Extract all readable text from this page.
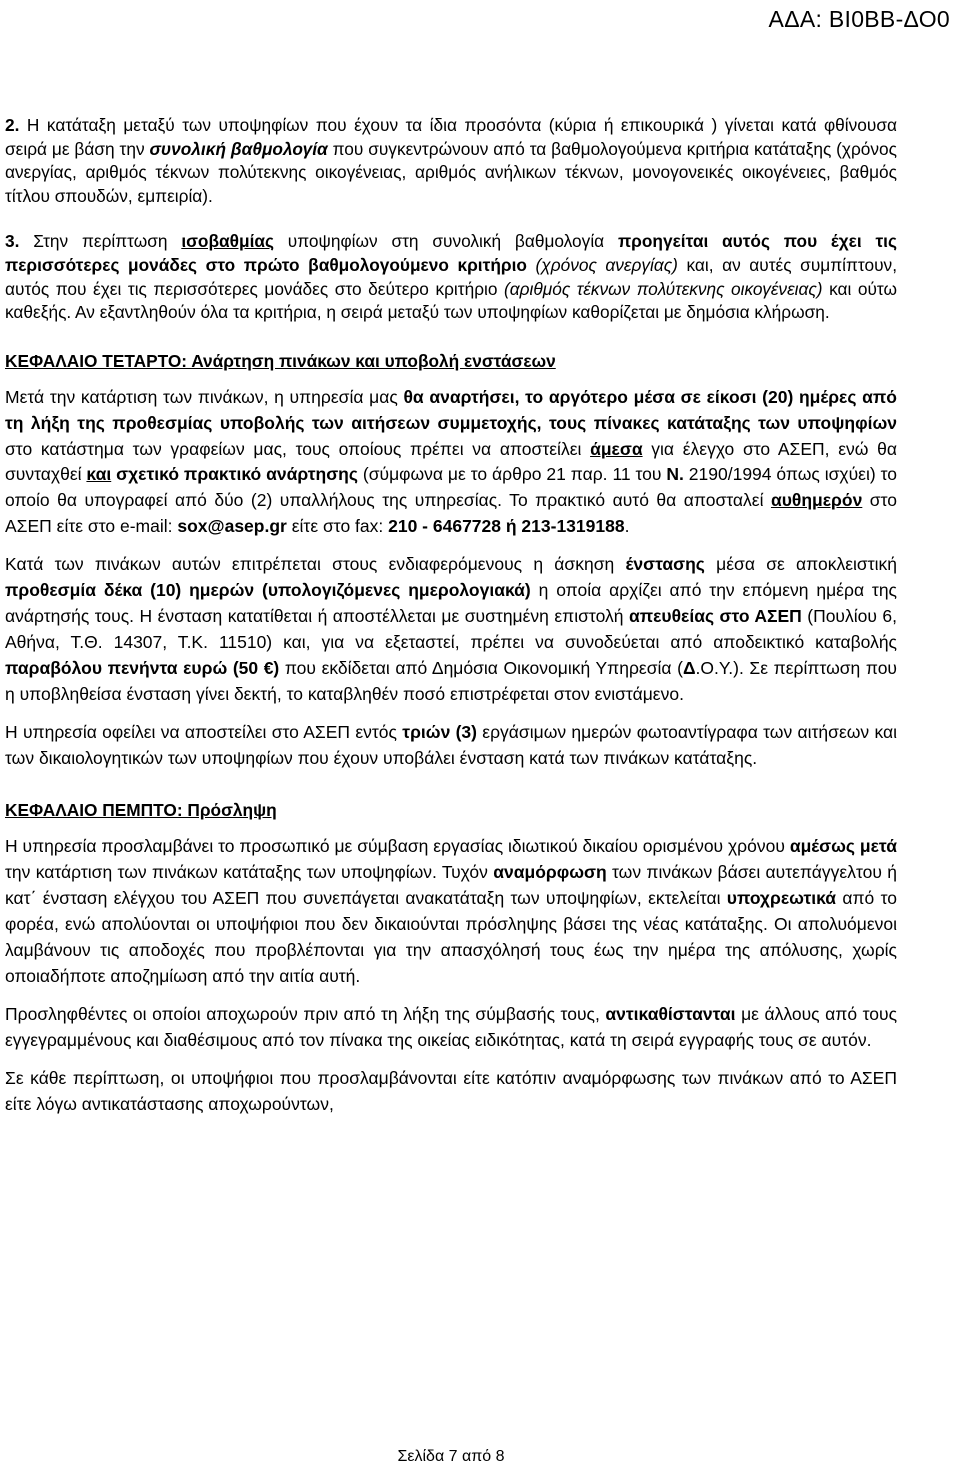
ΑΔΑ: ΒΙ0ΒΒ-ΔΟ0

2. Η κατάταξη μεταξύ των υποψηφίων που έχουν τα ίδια προσόντα (κύρια ή επικουρικά ) γίνεται κατά φθίνουσα σειρά με βάση την συνολική βαθμολογία που συγκεντρώνουν από τα βαθμολογούμενα κριτήρια κατάταξης (χρόνος ανεργίας, αριθμός τέκνων πολύτεκνης οικογένειας, αριθμός ανήλικων τέκνων, μονογονεικές οικογένειες, βαθμός τίτλου σπουδών, εμπειρία).

3. Στην περίπτωση ισοβαθμίας υποψηφίων στη συνολική βαθμολογία προηγείται αυτός που έχει τις περισσότερες μονάδες στο πρώτο βαθμολογούμενο κριτήριο (χρόνος ανεργίας) και, αν αυτές συμπίπτουν, αυτός που έχει τις περισσότερες μονάδες στο δεύτερο κριτήριο (αριθμός τέκνων πολύτεκνης οικογένειας) και ούτω καθεξής. Αν εξαντληθούν όλα τα κριτήρια, η σειρά μεταξύ των υποψηφίων καθορίζεται με δημόσια κλήρωση.

ΚΕΦΑΛΑΙΟ ΤΕΤΑΡΤΟ: Ανάρτηση πινάκων και υποβολή ενστάσεων

Μετά την κατάρτιση των πινάκων, η υπηρεσία μας θα αναρτήσει, το αργότερο μέσα σε είκοσι (20) ημέρες από τη λήξη της προθεσμίας υποβολής των αιτήσεων συμμετοχής, τους πίνακες κατάταξης των υποψηφίων στο κατάστημα των γραφείων μας, τους οποίους πρέπει να αποστείλει άμεσα για έλεγχο στο ΑΣΕΠ, ενώ θα συνταχθεί και σχετικό πρακτικό ανάρτησης (σύμφωνα με το άρθρο 21 παρ. 11 του Ν. 2190/1994 όπως ισχύει) το οποίο θα υπογραφεί από δύο (2) υπαλλήλους της υπηρεσίας. Το πρακτικό αυτό θα αποσταλεί αυθημερόν στο ΑΣΕΠ είτε στο e-mail: sox@asep.gr είτε στο fax: 210 - 6467728 ή 213-1319188.

Κατά των πινάκων αυτών επιτρέπεται στους ενδιαφερόμενους η άσκηση ένστασης μέσα σε αποκλειστική προθεσμία δέκα (10) ημερών (υπολογιζόμενες ημερολογιακά) η οποία αρχίζει από την επόμενη ημέρα της ανάρτησής τους. Η ένσταση κατατίθεται ή αποστέλλεται με συστημένη επιστολή απευθείας στο ΑΣΕΠ (Πουλίου 6, Αθήνα, Τ.Θ. 14307, Τ.Κ. 11510) και, για να εξεταστεί, πρέπει να συνοδεύεται από αποδεικτικό καταβολής παραβόλου πενήντα ευρώ (50 €) που εκδίδεται από Δημόσια Οικονομική Υπηρεσία (Δ.Ο.Υ.). Σε περίπτωση που η υποβληθείσα ένσταση γίνει δεκτή, το καταβληθέν ποσό επιστρέφεται στον ενιστάμενο.

Η υπηρεσία οφείλει να αποστείλει στο ΑΣΕΠ εντός τριών (3) εργάσιμων ημερών φωτοαντίγραφα των αιτήσεων και των δικαιολογητικών των υποψηφίων που έχουν υποβάλει ένσταση κατά των πινάκων κατάταξης.

ΚΕΦΑΛΑΙΟ ΠΕΜΠΤΟ: Πρόσληψη

Η υπηρεσία προσλαμβάνει το προσωπικό με σύμβαση εργασίας ιδιωτικού δικαίου ορισμένου χρόνου αμέσως μετά την κατάρτιση των πινάκων κατάταξης των υποψηφίων. Τυχόν αναμόρφωση των πινάκων βάσει αυτεπάγγελτου ή κατ΄ ένσταση ελέγχου του ΑΣΕΠ που συνεπάγεται ανακατάταξη των υποψηφίων, εκτελείται υποχρεωτικά από το φορέα, ενώ απολύονται οι υποψήφιοι που δεν δικαιούνται πρόσληψης βάσει της νέας κατάταξης. Οι απολυόμενοι λαμβάνουν τις αποδοχές που προβλέπονται για την απασχόλησή τους έως την ημέρα της απόλυσης, χωρίς οποιαδήποτε αποζημίωση από την αιτία αυτή.

Προσληφθέντες οι οποίοι αποχωρούν πριν από τη λήξη της σύμβασής τους, αντικαθίστανται με άλλους από τους εγγεγραμμένους και διαθέσιμους από τον πίνακα της οικείας ειδικότητας, κατά τη σειρά εγγραφής τους σε αυτόν.

Σε κάθε περίπτωση, οι υποψήφιοι που προσλαμβάνονται είτε κατόπιν αναμόρφωσης των πινάκων από το ΑΣΕΠ είτε λόγω αντικατάστασης αποχωρούντων,

Σελίδα 7 από 8
